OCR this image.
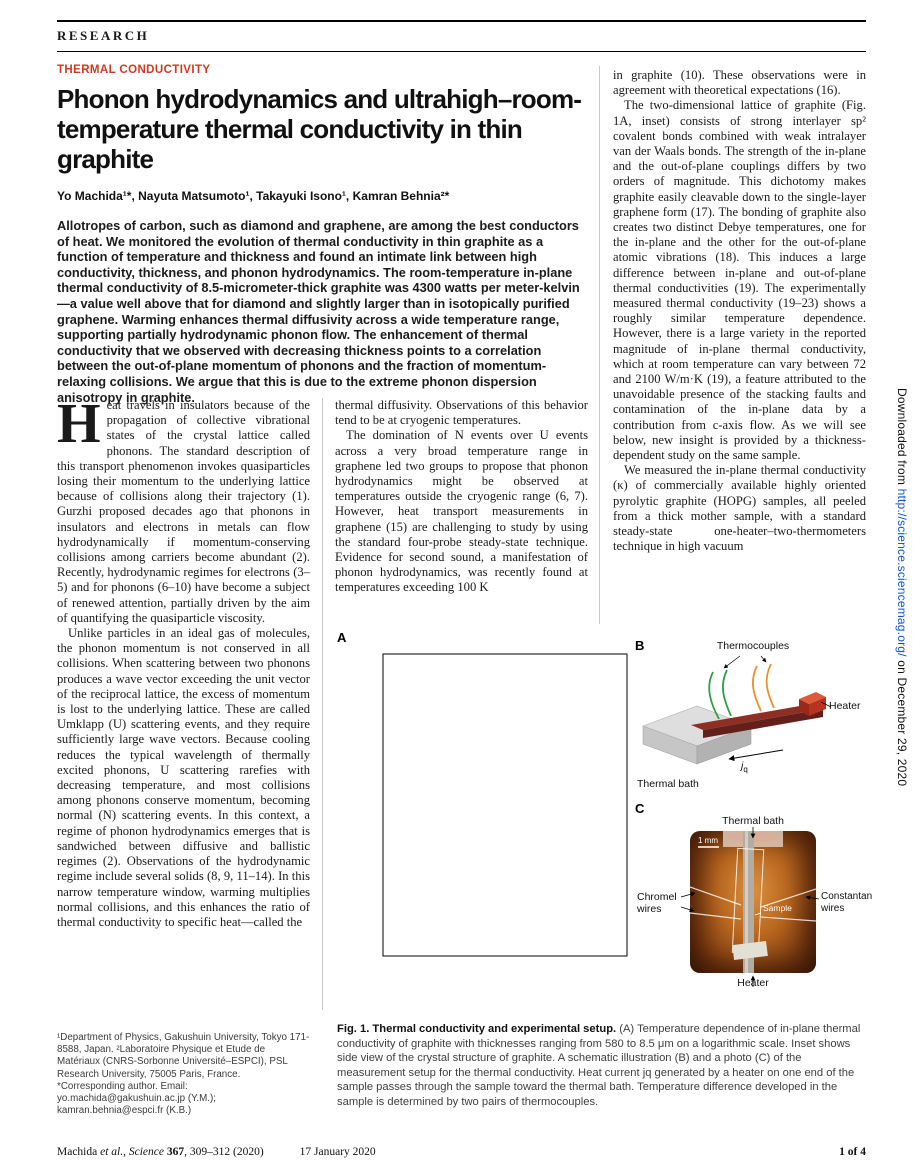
RESEARCH
THERMAL CONDUCTIVITY
Phonon hydrodynamics and ultrahigh–room-temperature thermal conductivity in thin graphite
Yo Machida¹*, Nayuta Matsumoto¹, Takayuki Isono¹, Kamran Behnia²*
Allotropes of carbon, such as diamond and graphene, are among the best conductors of heat. We monitored the evolution of thermal conductivity in thin graphite as a function of temperature and thickness and found an intimate link between high conductivity, thickness, and phonon hydrodynamics. The room-temperature in-plane thermal conductivity of 8.5-micrometer-thick graphite was 4300 watts per meter-kelvin—a value well above that for diamond and slightly larger than in isotopically purified graphene. Warming enhances thermal diffusivity across a wide temperature range, supporting partially hydrodynamic phonon flow. The enhancement of thermal conductivity that we observed with decreasing thickness points to a correlation between the out-of-plane momentum of phonons and the fraction of momentum-relaxing collisions. We argue that this is due to the extreme phonon dispersion anisotropy in graphite.

Heat travels in insulators because of the propagation of collective vibrational states of the crystal lattice called phonons. The standard description of this transport phenomenon invokes quasiparticles losing their momentum to the underlying lattice because of collisions along their trajectory (1). Gurzhi proposed decades ago that phonons in insulators and electrons in metals can flow hydrodynamically if momentum-conserving collisions among carriers become abundant (2). Recently, hydrodynamic regimes for electrons (3–5) and for phonons (6–10) have become a subject of renewed attention, partially driven by the aim of quantifying the quasiparticle viscosity.

Unlike particles in an ideal gas of molecules, the phonon momentum is not conserved in all collisions. When scattering between two phonons produces a wave vector exceeding the unit vector of the reciprocal lattice, the excess of momentum is lost to the underlying lattice. These are called Umklapp (U) scattering events, and they require sufficiently large wave vectors. Because cooling reduces the typical wavelength of thermally excited phonons, U scattering rarefies with decreasing temperature, and most collisions among phonons conserve momentum, becoming normal (N) scattering events. In this context, a regime of phonon hydrodynamics emerges that is sandwiched between diffusive and ballistic regimes (2). Observations of the hydrodynamic regime include several solids (8, 9, 11–14). In this narrow temperature window, warming multiplies normal collisions, and this enhances the ratio of thermal conductivity to specific heat—called the

thermal diffusivity. Observations of this behavior tend to be at cryogenic temperatures.

The domination of N events over U events across a very broad temperature range in graphene led two groups to propose that phonon hydrodynamics might be observed at temperatures outside the cryogenic range (6, 7). However, heat transport measurements in graphene (15) are challenging to study by using the standard four-probe steady-state technique. Evidence for second sound, a manifestation of phonon hydrodynamics, was recently found at temperatures exceeding 100 K

in graphite (10). These observations were in agreement with theoretical expectations (16).

The two-dimensional lattice of graphite (Fig. 1A, inset) consists of strong interlayer sp² covalent bonds combined with weak intralayer van der Waals bonds. The strength of the in-plane and the out-of-plane couplings differs by two orders of magnitude. This dichotomy makes graphite easily cleavable down to the single-layer graphene form (17). The bonding of graphite also creates two distinct Debye temperatures, one for the in-plane and the other for the out-of-plane atomic vibrations (18). This induces a large difference between in-plane and out-of-plane thermal conductivities (19). The experimentally measured thermal conductivity (19–23) shows a roughly similar temperature dependence. However, there is a large variety in the reported magnitude of in-plane thermal conductivity, which at room temperature can vary between 72 and 2100 W/m·K (19), a feature attributed to the unavoidable presence of the stacking faults and contamination of the in-plane data by a contribution from c-axis flow. As we will see below, new insight is provided by a thickness-dependent study on the same sample.

We measured the in-plane thermal conductivity (κ) of commercially available highly oriented pyrolytic graphite (HOPG) samples, all peeled from a thick mother sample, with a standard steady-state one-heater–two-thermometers technique in high vacuum

A
B	Thermocouples
Heater
Thermal bath
$j_q$
C
Thermal bath
1 mm
Sample
Chromel wires
Constantan wires
Heater
Fig. 1. Thermal conductivity and experimental setup. (A) Temperature dependence of in-plane thermal conductivity of graphite with thicknesses ranging from 580 to 8.5 μm on a logarithmic scale. Inset shows side view of the crystal structure of graphite. A schematic illustration (B) and a photo (C) of the measurement setup for the thermal conductivity. Heat current jq generated by a heater on one end of the sample passes through the sample toward the thermal bath. Temperature difference developed in the sample is determined by two pairs of thermocouples.

¹Department of Physics, Gakushuin University, Tokyo 171-8588, Japan. ²Laboratoire Physique et Etude de Matériaux (CNRS-Sorbonne Université–ESPCI), PSL Research University, 75005 Paris, France.

*Corresponding author. Email: yo.machida@gakushuin.ac.jp (Y.M.); kamran.behnia@espci.fr (K.B.)

Machida et al., Science 367, 309–312 (2020)	17 January 2020	1 of 4
Downloaded from http://science.sciencemag.org/ on December 29, 2020
